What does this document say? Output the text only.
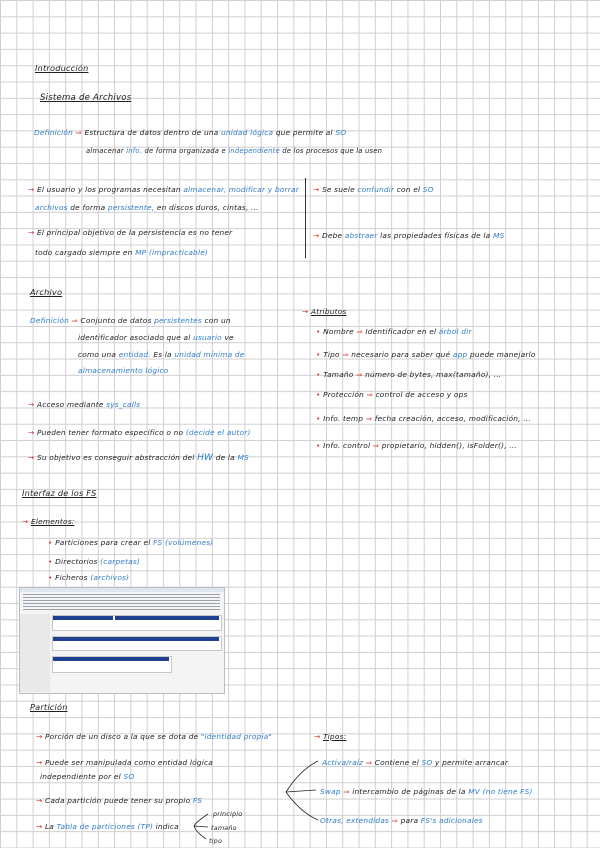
Introducción
Sistema de Archivos
Definición ⇒ Estructura de datos dentro de una unidad lógica que permite al SO
almacenar info. de forma organizada e independiente de los procesos que la usen
→ El usuario y los programas necesitan almacenar, modificar y borrar
archivos de forma persistente, en discos duros, cintas, ...
→ El principal objetivo de la persistencia es no tener
todo cargado siempre en MP (impracticable)
→ Se suele confundir con el SO
→ Debe abstraer las propiedades físicas de la MS
Archivo
Definición ⇒ Conjunto de datos persistentes con un
identificador asociado que al usuario ve
como una entidad. Es la unidad mínima de
almacenamiento lógico
→ Acceso mediante sys_calls
→ Pueden tener formato específico o no (decide el autor)
→ Su objetivo es conseguir abstracción del HW de la MS
→ Atributos
• Nombre ⇒ Identificador en el árbol dir
• Tipo ⇒ necesario para saber qué app puede manejarlo
• Tamaño ⇒ número de bytes, max(tamaño), ...
• Protección ⇒ control de acceso y ops
• Info. temp ⇒ fecha creación, acceso, modificación, ...
• Info. control ⇒ propietario, hidden(), isFolder(), ...
Interfaz de los FS
→ Elementos:
• Particiones para crear el FS (volúmenes)
• Directorios (carpetas)
• Ficheros (archivos)
Partición
→ Porción de un disco a la que se dota de "identidad propia"
→ Puede ser manipulada como entidad lógica
independiente por el SO
→ Cada partición puede tener su propio FS
→ La Tabla de particiones (TP) indica
principio
tamaño
tipo
→ Tipos:
Activa/raíz ⇒ Contiene el SO y permite arrancar
Swap ⇒ intercambio de páginas de la MV (no tiene FS)
Otras, extendidas ⇒ para FS's adicionales
